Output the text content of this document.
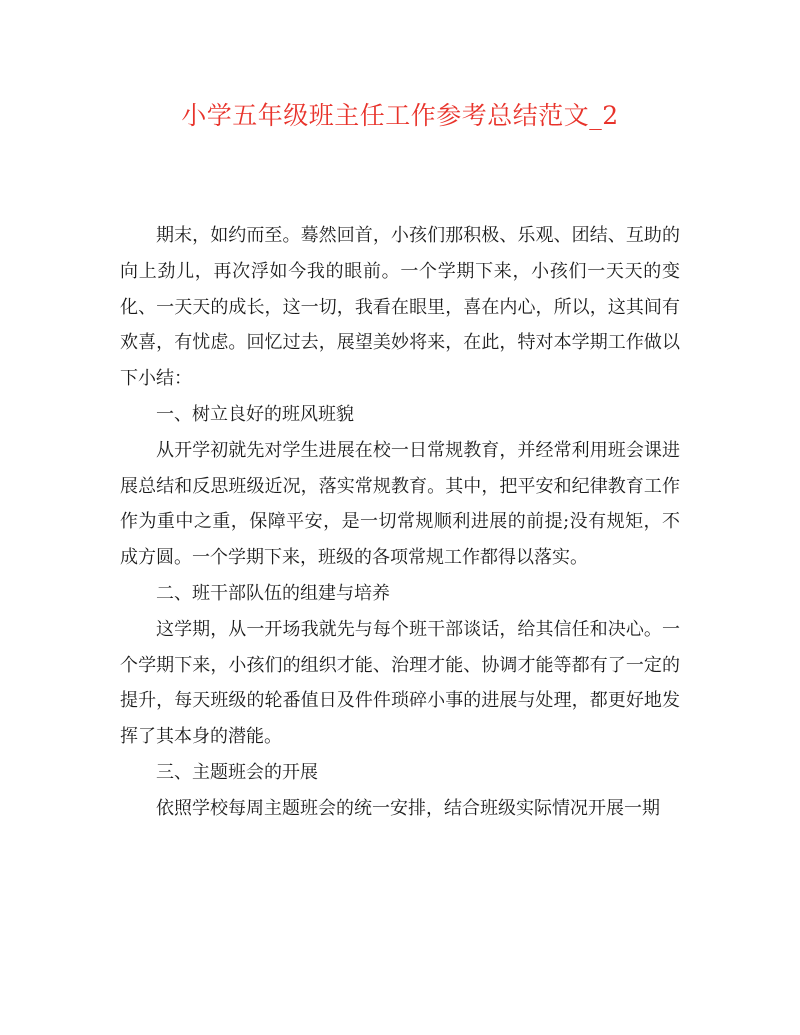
小学五年级班主任工作参考总结范文_2

期末，如约而至。蓦然回首，小孩们那积极、乐观、团结、互助的向上劲儿，再次浮如今我的眼前。一个学期下来，小孩们一天天的变化、一天天的成长，这一切，我看在眼里，喜在内心，所以，这其间有欢喜，有忧虑。回忆过去，展望美妙将来，在此，特对本学期工作做以下小结：

一、树立良好的班风班貌

从开学初就先对学生进展在校一日常规教育，并经常利用班会课进展总结和反思班级近况，落实常规教育。其中，把平安和纪律教育工作作为重中之重，保障平安，是一切常规顺利进展的前提;没有规矩，不成方圆。一个学期下来，班级的各项常规工作都得以落实。

二、班干部队伍的组建与培养

这学期，从一开场我就先与每个班干部谈话，给其信任和决心。一个学期下来，小孩们的组织才能、治理才能、协调才能等都有了一定的提升，每天班级的轮番值日及件件琐碎小事的进展与处理，都更好地发挥了其本身的潜能。

三、主题班会的开展

依照学校每周主题班会的统一安排，结合班级实际情况开展一期
